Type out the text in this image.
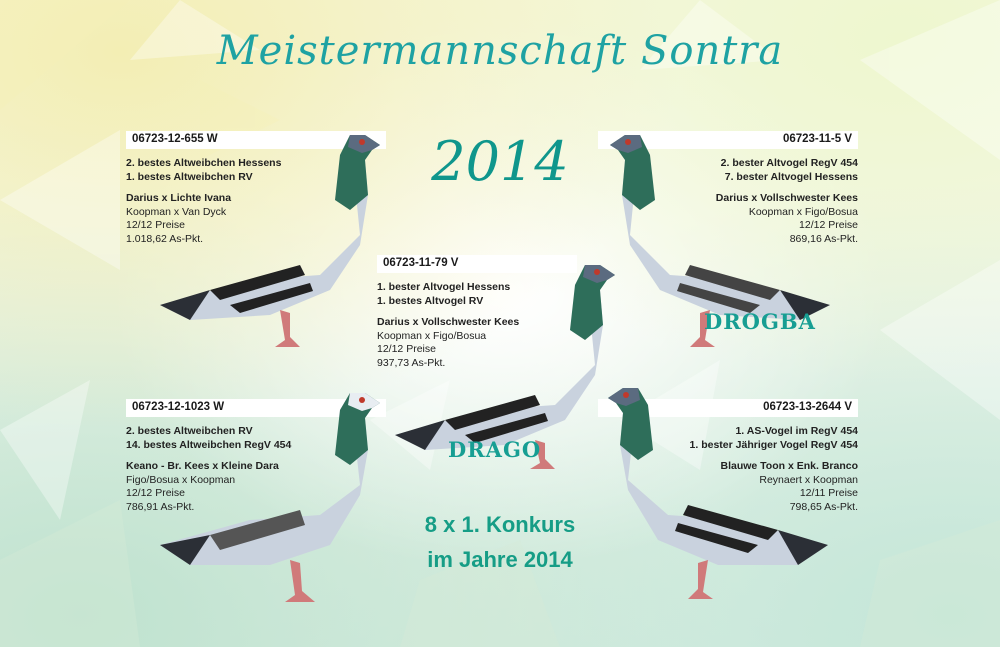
Meistermannschaft Sontra
2014
06723-12-655 W
2. bestes Altweibchen Hessens
1. bestes Altweibchen RV
Darius x Lichte Ivana
Koopman x Van Dyck
12/12 Preise
1.018,62 As-Pkt.
06723-11-5 V
2. bester Altvogel RegV 454
7. bester Altvogel Hessens
Darius x Vollschwester Kees
Koopman x Figo/Bosua
12/12 Preise
869,16 As-Pkt.
06723-11-79 V
1. bester Altvogel Hessens
1. bestes Altvogel RV
Darius x Vollschwester Kees
Koopman x Figo/Bosua
12/12 Preise
937,73 As-Pkt.
06723-12-1023 W
2. bestes Altweibchen RV
14. bestes Altweibchen RegV 454
Keano - Br. Kees x Kleine Dara
Figo/Bosua x Koopman
12/12 Preise
786,91 As-Pkt.
06723-13-2644 V
1. AS-Vogel im RegV 454
1. bester Jähriger Vogel RegV 454
Blauwe Toon x Enk. Branco
Reynaert x Koopman
12/11 Preise
798,65 As-Pkt.
DROGBA
DRAGO
8 x 1. Konkurs
im Jahre 2014
